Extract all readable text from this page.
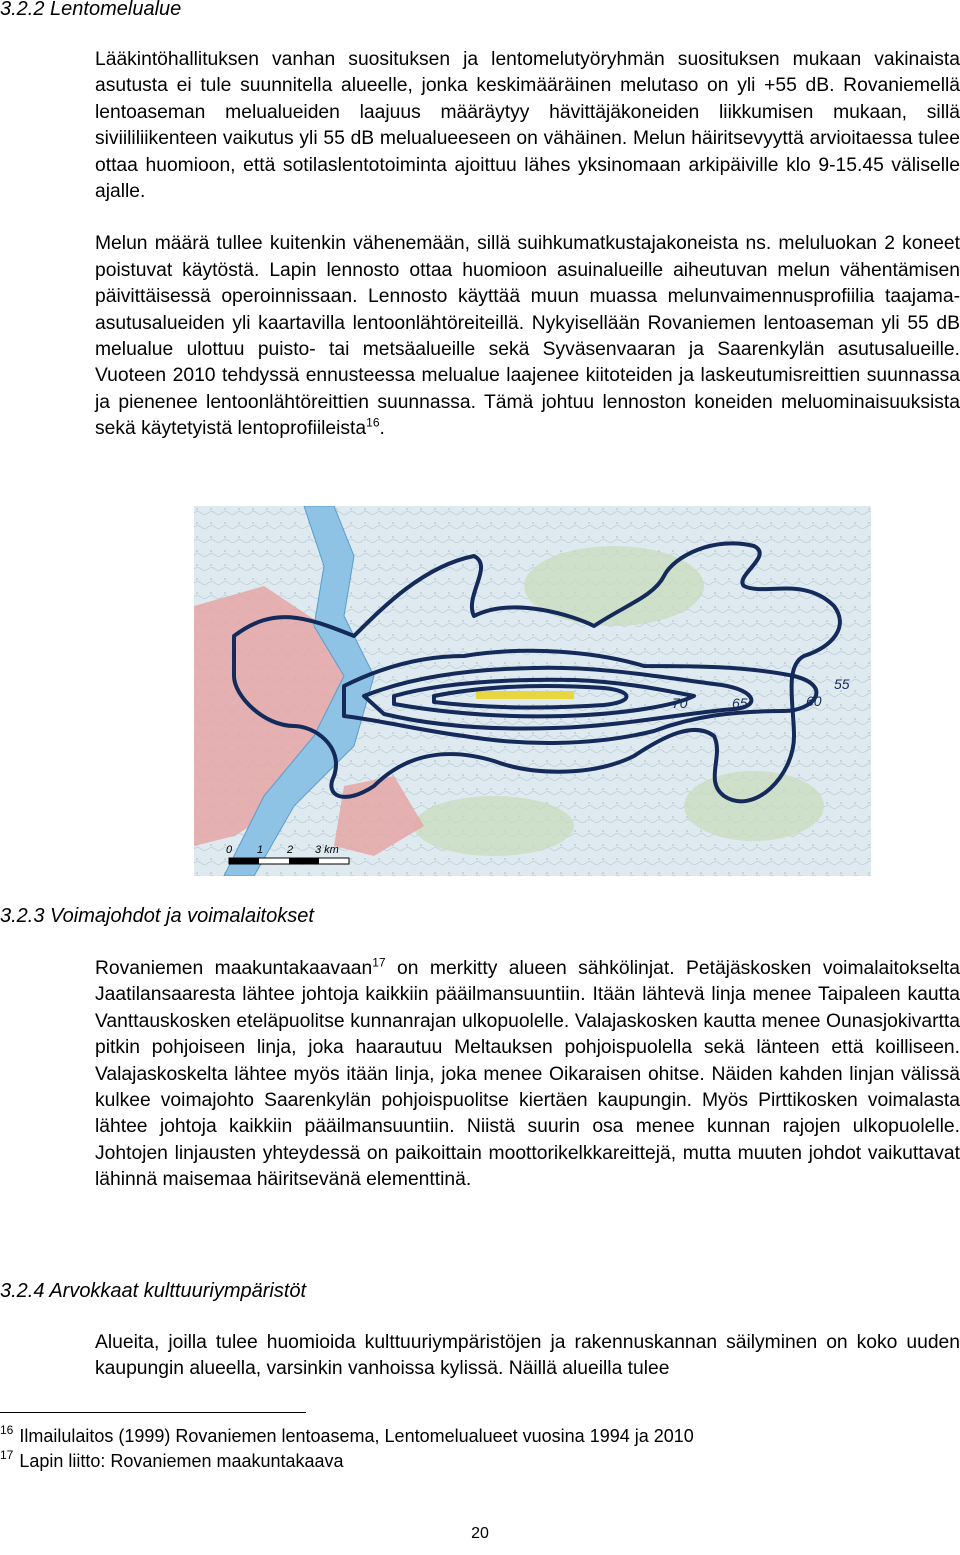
3.2.2 Lentomelualue

Lääkintöhallituksen vanhan suosituksen ja lentomelutyöryhmän suosituksen mukaan vakinaista asutusta ei tule suunnitella alueelle, jonka keskimääräinen melutaso on yli +55 dB. Rovaniemellä lentoaseman melualueiden laajuus määräytyy hävittäjäkoneiden liikkumisen mukaan, sillä siviililiikenteen vaikutus yli 55 dB melualueeseen on vähäinen. Melun häiritsevyyttä arvioitaessa tulee ottaa huomioon, että sotilaslentotoiminta ajoittuu lähes yksinomaan arkipäiville klo 9-15.45 väliselle ajalle.

Melun määrä tullee kuitenkin vähenemään, sillä suihkumatkustajakoneista ns. meluluokan 2 koneet poistuvat käytöstä. Lapin lennosto ottaa huomioon asuinalueille aiheutuvan melun vähentämisen päivittäisessä operoinnissaan. Lennosto käyttää muun muassa melunvaimennusprofiilia taajama-asutusalueiden yli kaartavilla lentoonlähtöreiteillä. Nykyisellään Rovaniemen lentoaseman yli 55 dB melualue ulottuu puisto- tai metsäalueille sekä Syväsenvaaran ja Saarenkylän asutusalueille. Vuoteen 2010 tehdyssä ennusteessa melualue laajenee kiitoteiden ja laskeutumisreittien suunnassa ja pienenee lentoonlähtöreittien suunnassa. Tämä johtuu lennoston koneiden meluominaisuuksista sekä käytetyistä lentoprofiileista$^{16}$.

55
60
65
70
0 1 2 3 km
3.2.3 Voimajohdot ja voimalaitokset

Rovaniemen maakuntakaavaan$^{17}$ on merkitty alueen sähkölinjat. Petäjäskosken voimalaitokselta Jaatilansaaresta lähtee johtoja kaikkiin pääilmansuuntiin. Itään lähtevä linja menee Taipaleen kautta Vanttauskosken eteläpuolitse kunnanrajan ulkopuolelle. Valajaskosken kautta menee Ounasjokivartta pitkin pohjoiseen linja, joka haarautuu Meltauksen pohjoispuolella sekä länteen että koilliseen. Valajaskoskelta lähtee myös itään linja, joka menee Oikaraisen ohitse. Näiden kahden linjan välissä kulkee voimajohto Saarenkylän pohjoispuolitse kiertäen kaupungin. Myös Pirttikosken voimalasta lähtee johtoja kaikkiin pääilmansuuntiin. Niistä suurin osa menee kunnan rajojen ulkopuolelle. Johtojen linjausten yhteydessä on paikoittain moottorikelkkareittejä, mutta muuten johdot vaikuttavat lähinnä maisemaa häiritsevänä elementtinä.

3.2.4 Arvokkaat kulttuuriympäristöt

Alueita, joilla tulee huomioida kulttuuriympäristöjen ja rakennuskannan säilyminen on koko uuden kaupungin alueella, varsinkin vanhoissa kylissä. Näillä alueilla tulee

$^{16}$ Ilmailulaitos (1999) Rovaniemen lentoasema, Lentomelualueet vuosina 1994 ja 2010
$^{17}$ Lapin liitto: Rovaniemen maakuntakaava
20
